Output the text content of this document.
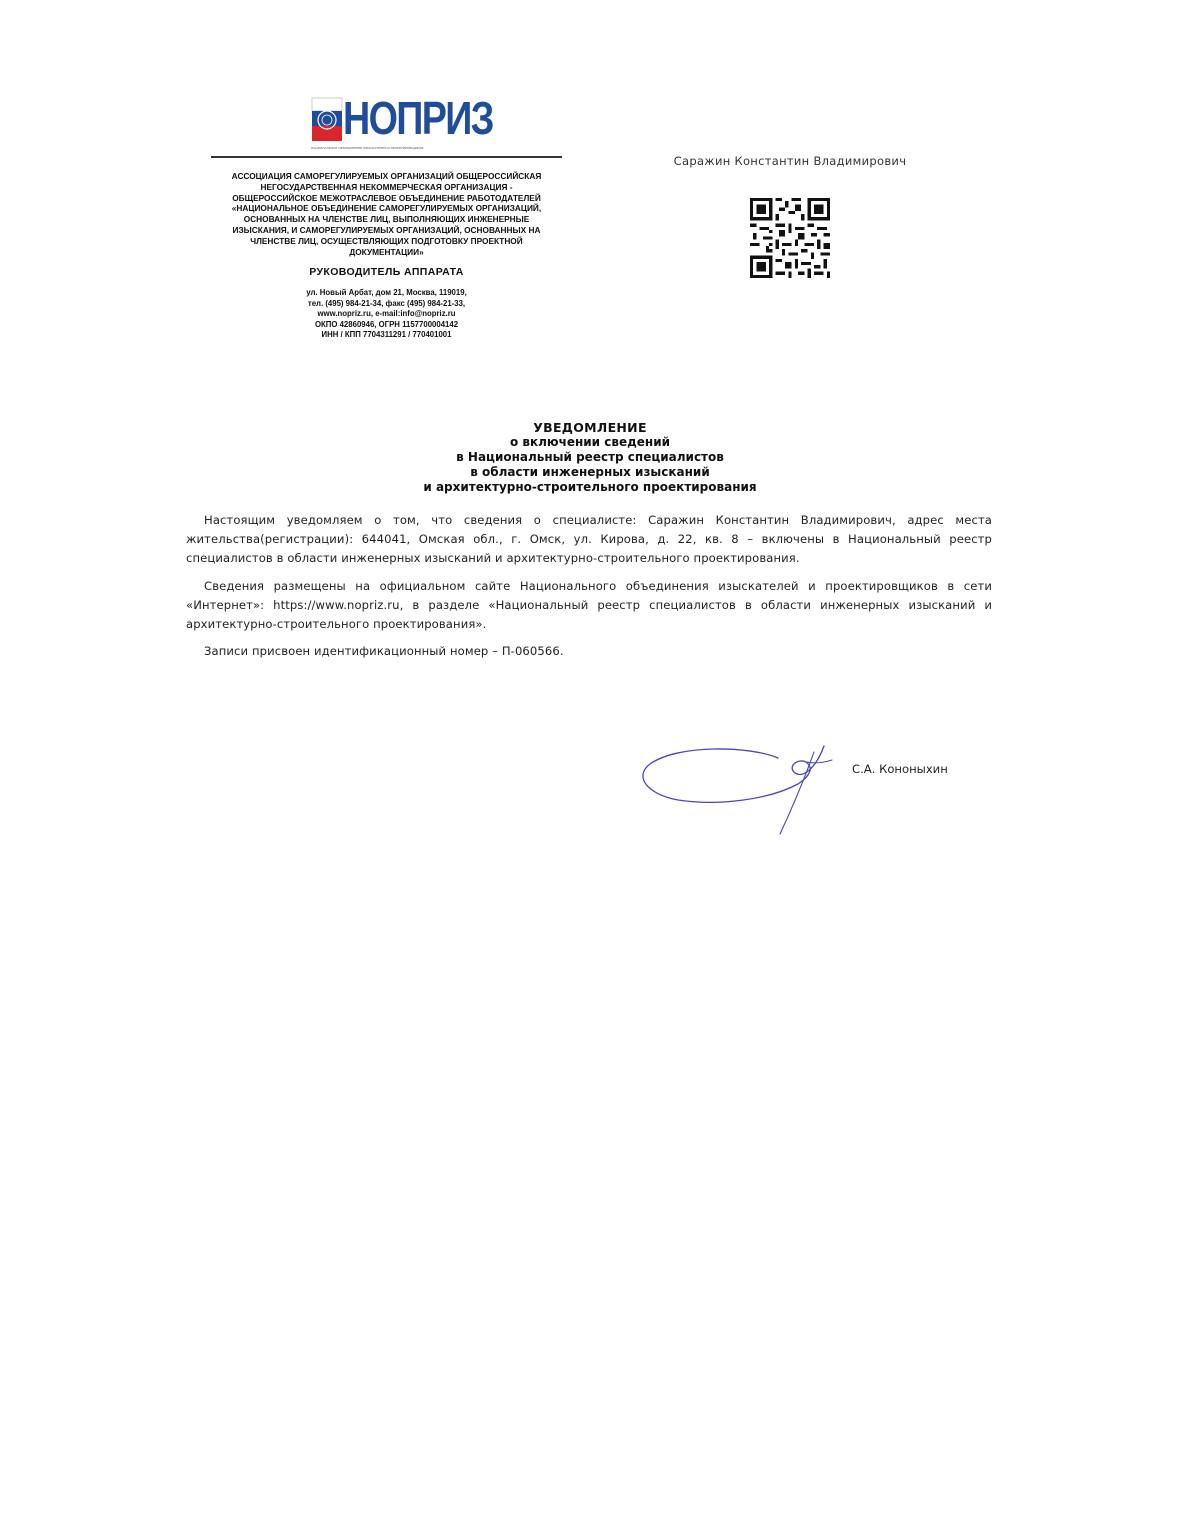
НОПРИЗ
НАЦИОНАЛЬНОЕ ОБЪЕДИНЕНИЕ ИЗЫСКАТЕЛЕЙ И ПРОЕКТИРОВЩИКОВ
АССОЦИАЦИЯ САМОРЕГУЛИРУЕМЫХ ОРГАНИЗАЦИЙ ОБЩЕРОССИЙСКАЯ
НЕГОСУДАРСТВЕННАЯ НЕКОММЕРЧЕСКАЯ ОРГАНИЗАЦИЯ -
ОБЩЕРОССИЙСКОЕ МЕЖОТРАСЛЕВОЕ ОБЪЕДИНЕНИЕ РАБОТОДАТЕЛЕЙ
«НАЦИОНАЛЬНОЕ ОБЪЕДИНЕНИЕ САМОРЕГУЛИРУЕМЫХ ОРГАНИЗАЦИЙ,
ОСНОВАННЫХ НА ЧЛЕНСТВЕ ЛИЦ, ВЫПОЛНЯЮЩИХ ИНЖЕНЕРНЫЕ
ИЗЫСКАНИЯ, И САМОРЕГУЛИРУЕМЫХ ОРГАНИЗАЦИЙ, ОСНОВАННЫХ НА
ЧЛЕНСТВЕ ЛИЦ, ОСУЩЕСТВЛЯЮЩИХ ПОДГОТОВКУ ПРОЕКТНОЙ
ДОКУМЕНТАЦИИ»
РУКОВОДИТЕЛЬ АППАРАТА
ул. Новый Арбат, дом 21, Москва, 119019,
тел. (495) 984-21-34, факс (495) 984-21-33,
www.nopriz.ru, e-mail:info@nopriz.ru
ОКПО 42860946, ОГРН 1157700004142
ИНН / КПП 7704311291 / 770401001
Саражин Константин Владимирович
УВЕДОМЛЕНИЕ
о включении сведений
в Национальный реестр специалистов
в области инженерных изысканий
и архитектурно-строительного проектирования
Настоящим уведомляем о том, что сведения о специалисте: Саражин Константин Владимирович, адрес места жительства(регистрации): 644041, Омская обл., г. Омск, ул. Кирова, д. 22, кв. 8 – включены в Национальный реестр специалистов в области инженерных изысканий и архитектурно-строительного проектирования.
Сведения размещены на официальном сайте Национального объединения изыскателей и проектировщиков в сети «Интернет»: https://www.nopriz.ru, в разделе «Национальный реестр специалистов в области инженерных изысканий и архитектурно-строительного проектирования».
Записи присвоен идентификационный номер – П-060566.
С.А. Кононыхин
